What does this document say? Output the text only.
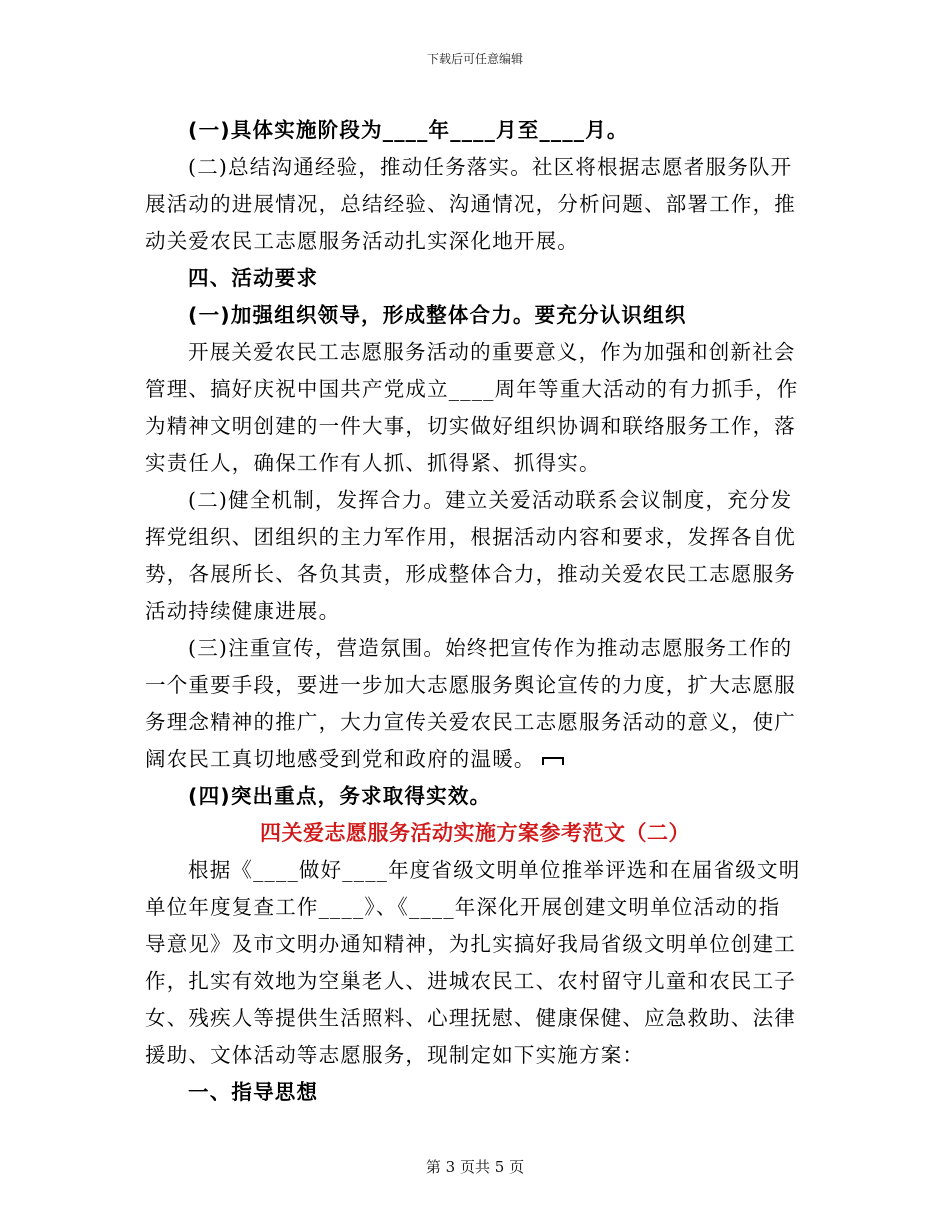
下载后可任意编辑
(一)具体实施阶段为____年____月至____月。
(二)总结沟通经验，推动任务落实。社区将根据志愿者服务队开
展活动的进展情况，总结经验、沟通情况，分析问题、部署工作，推
动关爱农民工志愿服务活动扎实深化地开展。
四、活动要求
(一)加强组织领导，形成整体合力。要充分认识组织
开展关爱农民工志愿服务活动的重要意义，作为加强和创新社会
管理、搞好庆祝中国共产党成立____周年等重大活动的有力抓手，作
为精神文明创建的一件大事，切实做好组织协调和联络服务工作，落
实责任人，确保工作有人抓、抓得紧、抓得实。
(二)健全机制，发挥合力。建立关爱活动联系会议制度，充分发
挥党组织、团组织的主力军作用，根据活动内容和要求，发挥各自优
势，各展所长、各负其责，形成整体合力，推动关爱农民工志愿服务
活动持续健康进展。
(三)注重宣传，营造氛围。始终把宣传作为推动志愿服务工作的
一个重要手段，要进一步加大志愿服务舆论宣传的力度，扩大志愿服
务理念精神的推广，大力宣传关爱农民工志愿服务活动的意义，使广
阔农民工真切地感受到党和政府的温暖。
(四)突出重点，务求取得实效。
四关爱志愿服务活动实施方案参考范文（二）
根据《____做好____年度省级文明单位推举评选和在届省级文明
单位年度复查工作____》、《____年深化开展创建文明单位活动的指
导意见》及市文明办通知精神，为扎实搞好我局省级文明单位创建工
作，扎实有效地为空巢老人、进城农民工、农村留守儿童和农民工子
女、残疾人等提供生活照料、心理抚慰、健康保健、应急救助、法律
援助、文体活动等志愿服务，现制定如下实施方案：
一、指导思想
第 3 页共 5 页
